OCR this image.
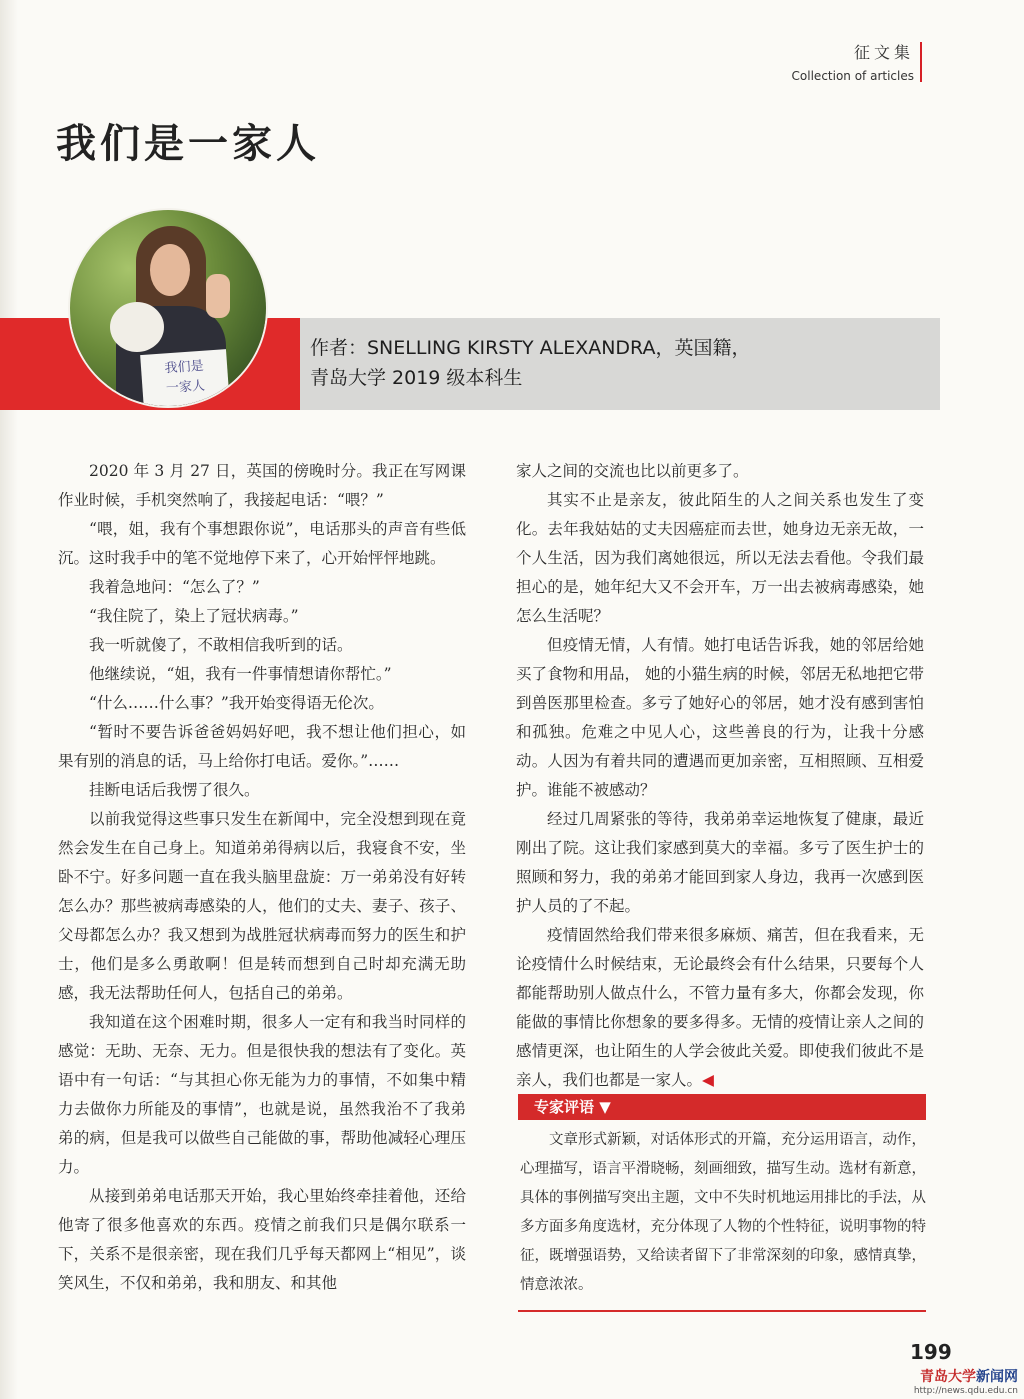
征文集
Collection of articles
我们是一家人
作者：SNELLING KIRSTY ALEXANDRA，英国籍，
青岛大学 2019 级本科生
我们是
一家人

2020 年 3 月 27 日，英国的傍晚时分。我正在写网课作业时候，手机突然响了，我接起电话：“喂？”

“喂，姐，我有个事想跟你说”，电话那头的声音有些低沉。这时我手中的笔不觉地停下来了，心开始怦怦地跳。

我着急地问：“怎么了？”

“我住院了，染上了冠状病毒。”

我一听就傻了，不敢相信我听到的话。

他继续说，“姐，我有一件事情想请你帮忙。”

“什么……什么事？”我开始变得语无伦次。

“暂时不要告诉爸爸妈妈好吧，我不想让他们担心，如果有别的消息的话，马上给你打电话。爱你。”……

挂断电话后我愣了很久。

以前我觉得这些事只发生在新闻中，完全没想到现在竟然会发生在自己身上。知道弟弟得病以后，我寝食不安，坐卧不宁。好多问题一直在我头脑里盘旋：万一弟弟没有好转怎么办？那些被病毒感染的人，他们的丈夫、妻子、孩子、父母都怎么办？我又想到为战胜冠状病毒而努力的医生和护士，他们是多么勇敢啊！但是转而想到自己时却充满无助感，我无法帮助任何人，包括自己的弟弟。

我知道在这个困难时期，很多人一定有和我当时同样的感觉：无助、无奈、无力。但是很快我的想法有了变化。英语中有一句话：“与其担心你无能为力的事情，不如集中精力去做你力所能及的事情”，也就是说，虽然我治不了我弟弟的病，但是我可以做些自己能做的事，帮助他减轻心理压力。

从接到弟弟电话那天开始，我心里始终牵挂着他，还给他寄了很多他喜欢的东西。疫情之前我们只是偶尔联系一下，关系不是很亲密，现在我们几乎每天都网上“相见”，谈笑风生，不仅和弟弟，我和朋友、和其他

家人之间的交流也比以前更多了。

其实不止是亲友，彼此陌生的人之间关系也发生了变化。去年我姑姑的丈夫因癌症而去世，她身边无亲无故，一个人生活，因为我们离她很远，所以无法去看他。令我们最担心的是，她年纪大又不会开车，万一出去被病毒感染，她怎么生活呢？

但疫情无情，人有情。她打电话告诉我，她的邻居给她买了食物和用品， 她的小猫生病的时候，邻居无私地把它带到兽医那里检查。多亏了她好心的邻居，她才没有感到害怕和孤独。危难之中见人心，这些善良的行为，让我十分感动。人因为有着共同的遭遇而更加亲密，互相照顾、互相爱护。谁能不被感动？

经过几周紧张的等待，我弟弟幸运地恢复了健康，最近刚出了院。这让我们家感到莫大的幸福。多亏了医生护士的照顾和努力，我的弟弟才能回到家人身边，我再一次感到医护人员的了不起。

疫情固然给我们带来很多麻烦、痛苦，但在我看来，无论疫情什么时候结束，无论最终会有什么结果，只要每个人都能帮助别人做点什么，不管力量有多大，你都会发现，你能做的事情比你想象的要多得多。无情的疫情让亲人之间的感情更深，也让陌生的人学会彼此关爱。即使我们彼此不是亲人，我们也都是一家人。◀

专家评语 ▼

文章形式新颖，对话体形式的开篇，充分运用语言，动作，心理描写，语言平滑晓畅，刻画细致，描写生动。选材有新意，具体的事例描写突出主题，文中不失时机地运用排比的手法，从多方面多角度选材，充分体现了人物的个性特征，说明事物的特征，既增强语势，又给读者留下了非常深刻的印象，感情真挚，情意浓浓。

199
青岛大学新闻网
http://news.qdu.edu.cn
